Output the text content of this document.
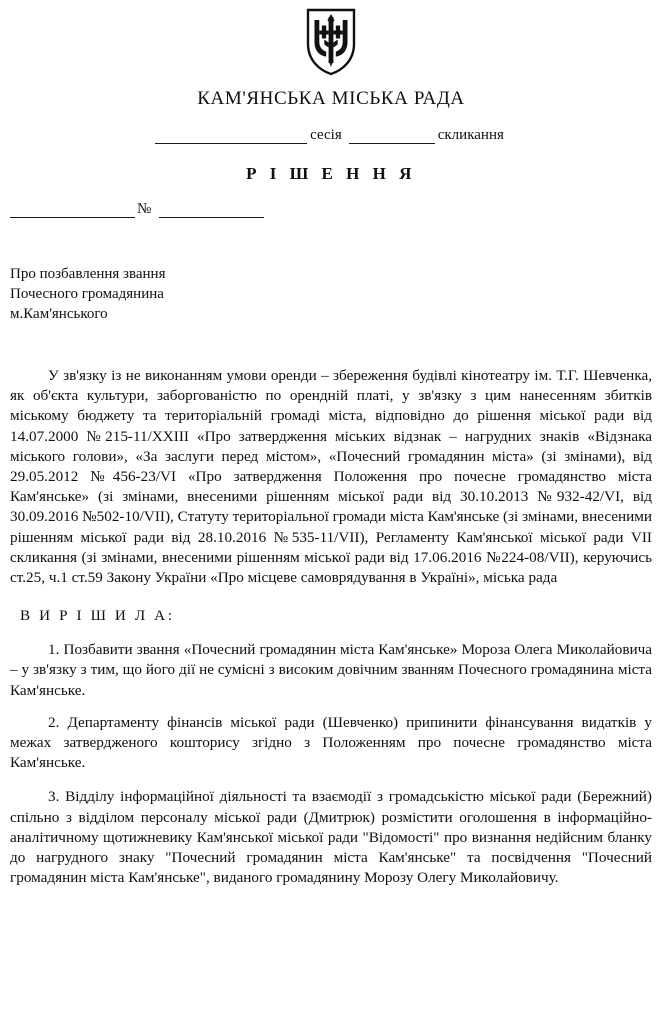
КАМ'ЯНСЬКА МІСЬКА РАДА
сесія	скликання
Р І Ш Е Н Н Я
№
Про позбавлення звання
Почесного громадянина
м.Кам'янського

У зв'язку із не виконанням умови оренди – збереження будівлі кінотеатру ім. Т.Г. Шевченка, як об'єкта культури, заборгованістю по орендній платі, у зв'язку з цим нанесенням збитків міському бюджету та територіальній громаді міста, відповідно до рішення міської ради від 14.07.2000 №215-11/ХХIII «Про затвердження міських відзнак – нагрудних знаків «Відзнака міського голови», «За заслуги перед містом», «Почесний громадянин міста» (зі змінами), від 29.05.2012 №456-23/VI «Про затвердження Положення про почесне громадянство міста Кам'янське» (зі змінами, внесеними рішенням міської ради від 30.10.2013 №932-42/VI, від 30.09.2016 №502-10/VII), Статуту територіальної громади міста Кам'янське (зі змінами, внесеними рішенням міської ради від 28.10.2016 №535-11/VII), Регламенту Кам'янської міської ради VII скликання (зі змінами, внесеними рішенням міської ради від 17.06.2016 №224-08/VII), керуючись ст.25, ч.1 ст.59 Закону України «Про місцеве самоврядування в Україні», міська рада

В И Р І Ш И Л А:

1. Позбавити звання «Почесний громадянин міста Кам'янське» Мороза Олега Миколайовича – у зв'язку з тим, що його дії не сумісні з високим довічним званням Почесного громадянина міста Кам'янське.

2. Департаменту фінансів міської ради (Шевченко) припинити фінансування видатків у межах затвердженого кошторису згідно з Положенням про почесне громадянство міста Кам'янське.

3. Відділу інформаційної діяльності та взаємодії з громадськістю міської ради (Бережний) спільно з відділом персоналу міської ради (Дмитрюк) розмістити оголошення в інформаційно-аналітичному щотижневику Кам'янської міської ради "Відомості" про визнання недійсним бланку до нагрудного знаку "Почесний громадянин міста Кам'янське" та посвідчення "Почесний громадянин міста Кам'янське", виданого громадянину Морозу Олегу Миколайовичу.
